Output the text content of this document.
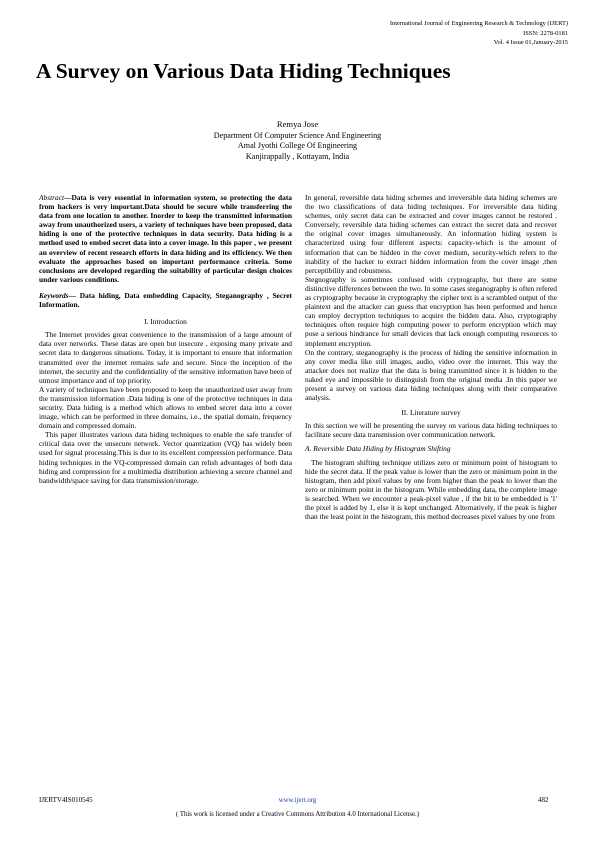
International Journal of Engineering Research & Technology (IJERT)
ISSN: 2278-0181
Vol. 4 Issue 01,January-2015
A Survey on Various Data Hiding Techniques
Remya Jose
Department Of Computer Science And Engineering
Amal Jyothi College Of Engineering
Kanjirappally , Kottayam, India

Abstract—Data is very essential in information system, so protecting the data from hackers is very important.Data should be secure while transferring the data from one location to another. Inorder to keep the transmitted information away from unauthorized users, a variety of techniques have been proposed, data hiding is one of the protective techniques in data security. Data hiding is a method used to embed secret data into a cover image. In this paper , we present an overview of recent research efforts in data hiding and its efficiency. We then evaluate the approaches based on important performance criteria. Some conclusions are developed regarding the suitability of particular design choices under various conditions.

Keywords— Data hiding, Data embedding Capacity, Steganography , Secret Information.

I. Introduction

The Internet provides great convenience to the transmission of a large amount of data over networks. These datas are open but insecure , exposing many private and secret data to dangerous situations. Today, it is important to ensure that information transmitted over the internet remains safe and secure. Since the inception of the internet, the security and the confidentiality of the sensitive information have been of utmost importance and of top priority.

A variety of techniques have been proposed to keep the unauthorized user away from the transmission information .Data hiding is one of the protective techniques in data security. Data hiding is a method which allows to embed secret data into a cover image, which can be performed in three domains, i.e., the spatial domain, frequency domain and compressed domain.

This paper illustrates various data hiding techniques to enable the safe transfer of critical data over the unsecure network. Vector quantization (VQ) has widely been used for signal processing.This is due to its excellent compression performance. Data hiding techniques in the VQ-compressed domain can relish advantages of both data hiding and compression for a multimedia distribution achieving a secure channel and bandwidth/space saving for data transmission/storage.

In general, reversible data hiding schemes and irreversible data hiding schemes are the two classifications of data hiding techniques. For irreversible data hiding schemes, only secret data can be extracted and cover images cannot be restored . Conversely, reversible data hiding schemes can extract the secret data and recover the original cover images simultaneously. An information hiding system is characterized using four different aspects: capacity-which is the amount of information that can be hidden in the cover medium, security-which refers to the inability of the hacker to extract hidden information from the cover image ,then perceptibility and robustness.

Stegnography is sometimes confused with cryptography, but there are some distinctive differences between the two. In some cases steganography is often refered as cryptography because in cryptography the cipher text is a scrambled output of the plaintext and the attacker can guess that encryption has been performed and hence can employ decryption techniques to acquire the hidden data. Also, cryptography techniques often require high computing power to perform encryption which may pose a serious hindrance for small devices that lack enough computing resources to implement encryption.

On the contrary, steganography is the process of hiding the sensitive information in any cover media like still images, audio, video over the internet. This way the attacker does not realize that the data is being transmitted since it is hidden to the naked eye and impossible to distinguish from the original media .In this paper we present a survey on various data hiding techniques along with their comparative analysis.

II. Literature survey

In this section we will be presenting the survey on various data hiding techniques to facilitate secure data transmission over communication network.

A. Reversible Data Hiding by Histogram Shifting

The histogram shifting technique utilizes zero or minimum point of histogram to hide the secret data. If the peak value is lower than the zero or minimum point in the histogram, then add pixel values by one from higher than the peak to lower than the zero or minimum point in the histogram. While embedding data, the complete image is searched. When we encounter a peak-pixel value , if the bit to be embedded is '1' the pixel is added by 1, else it is kept unchanged. Alternatively, if the peak is higher than the least point in the histogram, this method decreases pixel values by one from

IJERTV4IS010545	www.ijert.org	482
( This work is licensed under a Creative Commons Attribution 4.0 International License.)
